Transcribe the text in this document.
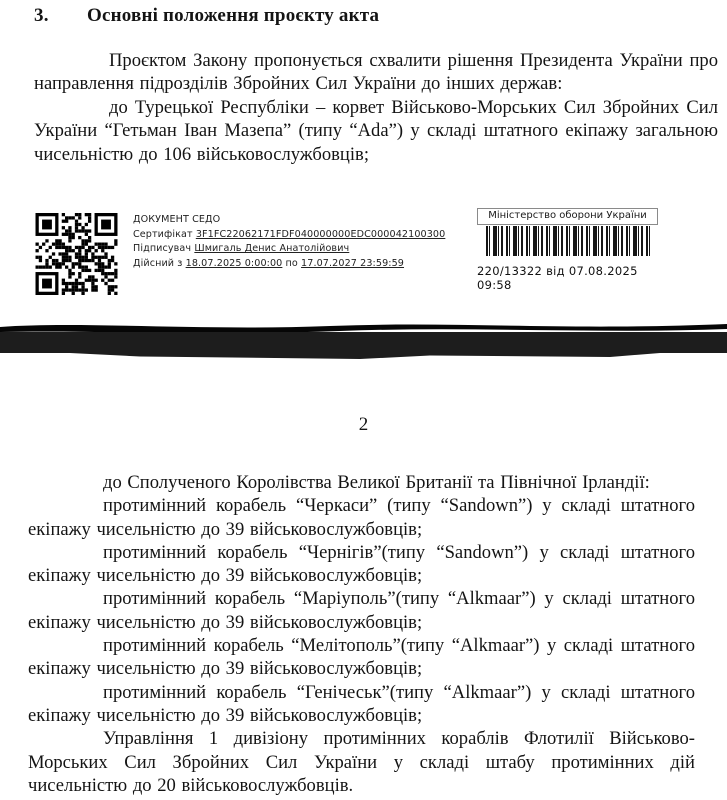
3. Основні положення проєкту акта

Проєктом Закону пропонується схвалити рішення Президента України про направлення підрозділів Збройних Сил України до інших держав:

до Турецької Республіки – корвет Військово-Морських Сил Збройних Сил України “Гетьман Іван Мазепа” (типу “Ada”) у складі штатного екіпажу загальною чисельністю до 106 військовослужбовців;

ДОКУМЕНТ СЕДО
Сертифікат 3F1FC22062171FDF040000000EDC000042100300
Підписувач Шмигаль Денис Анатолійович
Дійсний з 18.07.2025 0:00:00 по 17.07.2027 23:59:59
Міністерство оборони України
220/13322 від 07.08.2025 09:58
2

до Сполученого Королівства Великої Британії та Північної Ірландії:

протимінний корабель “Черкаси” (типу “Sandown”) у складі штатного екіпажу чисельністю до 39 військовослужбовців;

протимінний корабель “Чернігів”(типу “Sandown”) у складі штатного екіпажу чисельністю до 39 військовослужбовців;

протимінний корабель “Маріуполь”(типу “Alkmaar”) у складі штатного екіпажу чисельністю до 39 військовослужбовців;

протимінний корабель “Мелітополь”(типу “Alkmaar”) у складі штатного екіпажу чисельністю до 39 військовослужбовців;

протимінний корабель “Генічеськ”(типу “Alkmaar”) у складі штатного екіпажу чисельністю до 39 військовослужбовців;

Управління 1 дивізіону протимінних кораблів Флотилії Військово-Морських Сил Збройних Сил України у складі штабу протимінних дій чисельністю до 20 військовослужбовців.
